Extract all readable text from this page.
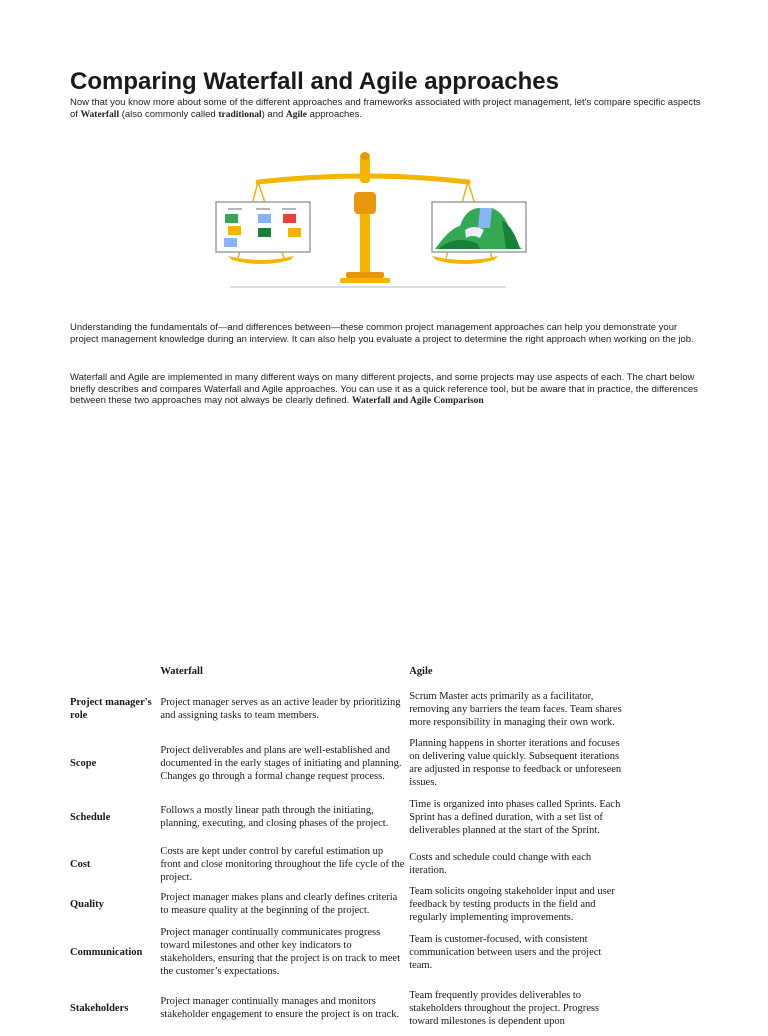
Comparing Waterfall and Agile approaches

Now that you know more about some of the different approaches and frameworks associated with project management, let's compare specific aspects of Waterfall (also commonly called traditional) and Agile approaches.

Understanding the fundamentals of—and differences between—these common project management approaches can help you demonstrate your project management knowledge during an interview. It can also help you evaluate a project to determine the right approach when working on the job.

Waterfall and Agile are implemented in many different ways on many different projects, and some projects may use aspects of each. The chart below briefly describes and compares Waterfall and Agile approaches. You can use it as a quick reference tool, but be aware that in practice, the differences between these two approaches may not always be clearly defined. Waterfall and Agile Comparison

	Waterfall	Agile
Project manager's role	Project manager serves as an active leader by prioritizing and assigning tasks to team members.	Scrum Master acts primarily as a facilitator, removing any barriers the team faces. Team shares more responsibility in managing their own work.
Scope	Project deliverables and plans are well-established and documented in the early stages of initiating and planning. Changes go through a formal change request process.	Planning happens in shorter iterations and focuses on delivering value quickly. Subsequent iterations are adjusted in response to feedback or unforeseen issues.
Schedule	Follows a mostly linear path through the initiating, planning, executing, and closing phases of the project.	Time is organized into phases called Sprints. Each Sprint has a defined duration, with a set list of deliverables planned at the start of the Sprint.
Cost	Costs are kept under control by careful estimation up front and close monitoring throughout the life cycle of the project.	Costs and schedule could change with each iteration.
Quality	Project manager makes plans and clearly defines criteria to measure quality at the beginning of the project.	Team solicits ongoing stakeholder input and user feedback by testing products in the field and regularly implementing improvements.
Communication	Project manager continually communicates progress toward milestones and other key indicators to stakeholders, ensuring that the project is on track to meet the customer’s expectations.	Team is customer-focused, with consistent communication between users and the project team.
Stakeholders	Project manager continually manages and monitors stakeholder engagement to ensure the project is on track.	Team frequently provides deliverables to stakeholders throughout the project. Progress toward milestones is dependent upon
